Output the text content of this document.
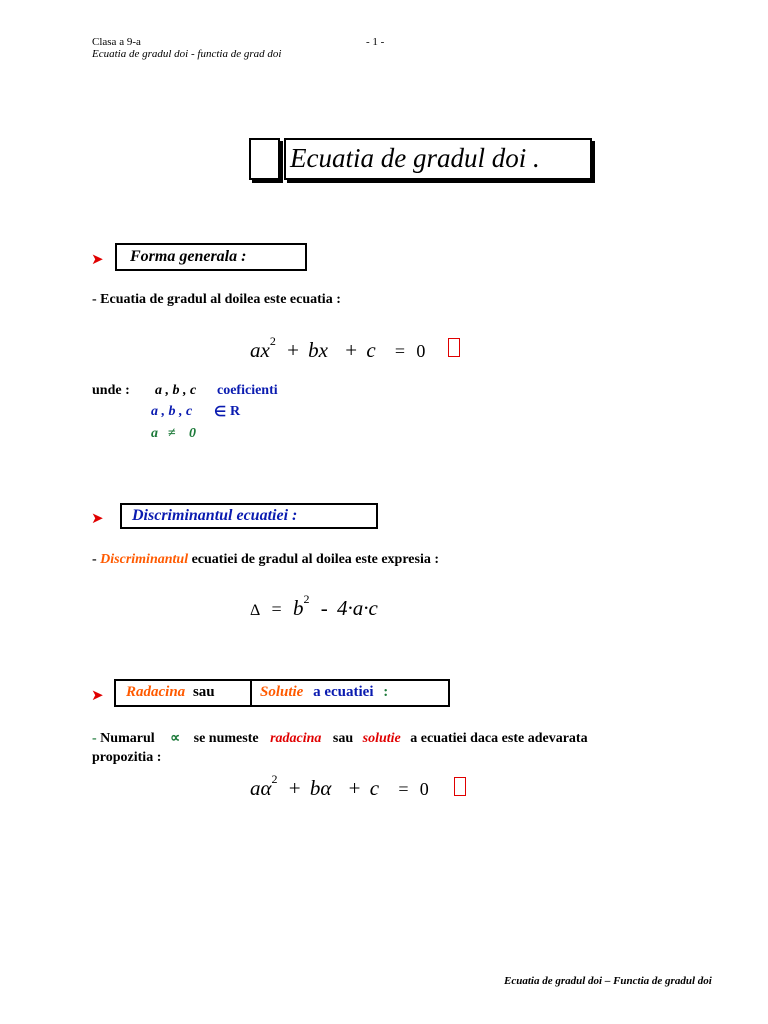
Clasa a 9-a	- 1 -
Ecuatia de gradul doi - functia de grad doi
Ecuatia de gradul doi .
➤ Forma generala :
- Ecuatia de gradul al doilea este ecuatia :
$ax^2$ + bx + c = 0
unde : a , b , c coeficienti
a , b , c ∈ R
a ≠ 0
➤ Discriminantul ecuatiei :
- Discriminantul ecuatiei de gradul al doilea este expresia :
$\Delta = b^2 - 4\cdot a\cdot c$
➤ Radacina sau	Solutie a ecuatiei :
- Numarul ∝ se numeste radacina sau solutie a ecuatiei daca este adevarata
propozitia :
$a\alpha^2 + b\alpha + c = 0$
Ecuatia de gradul doi – Functia de gradul doi
